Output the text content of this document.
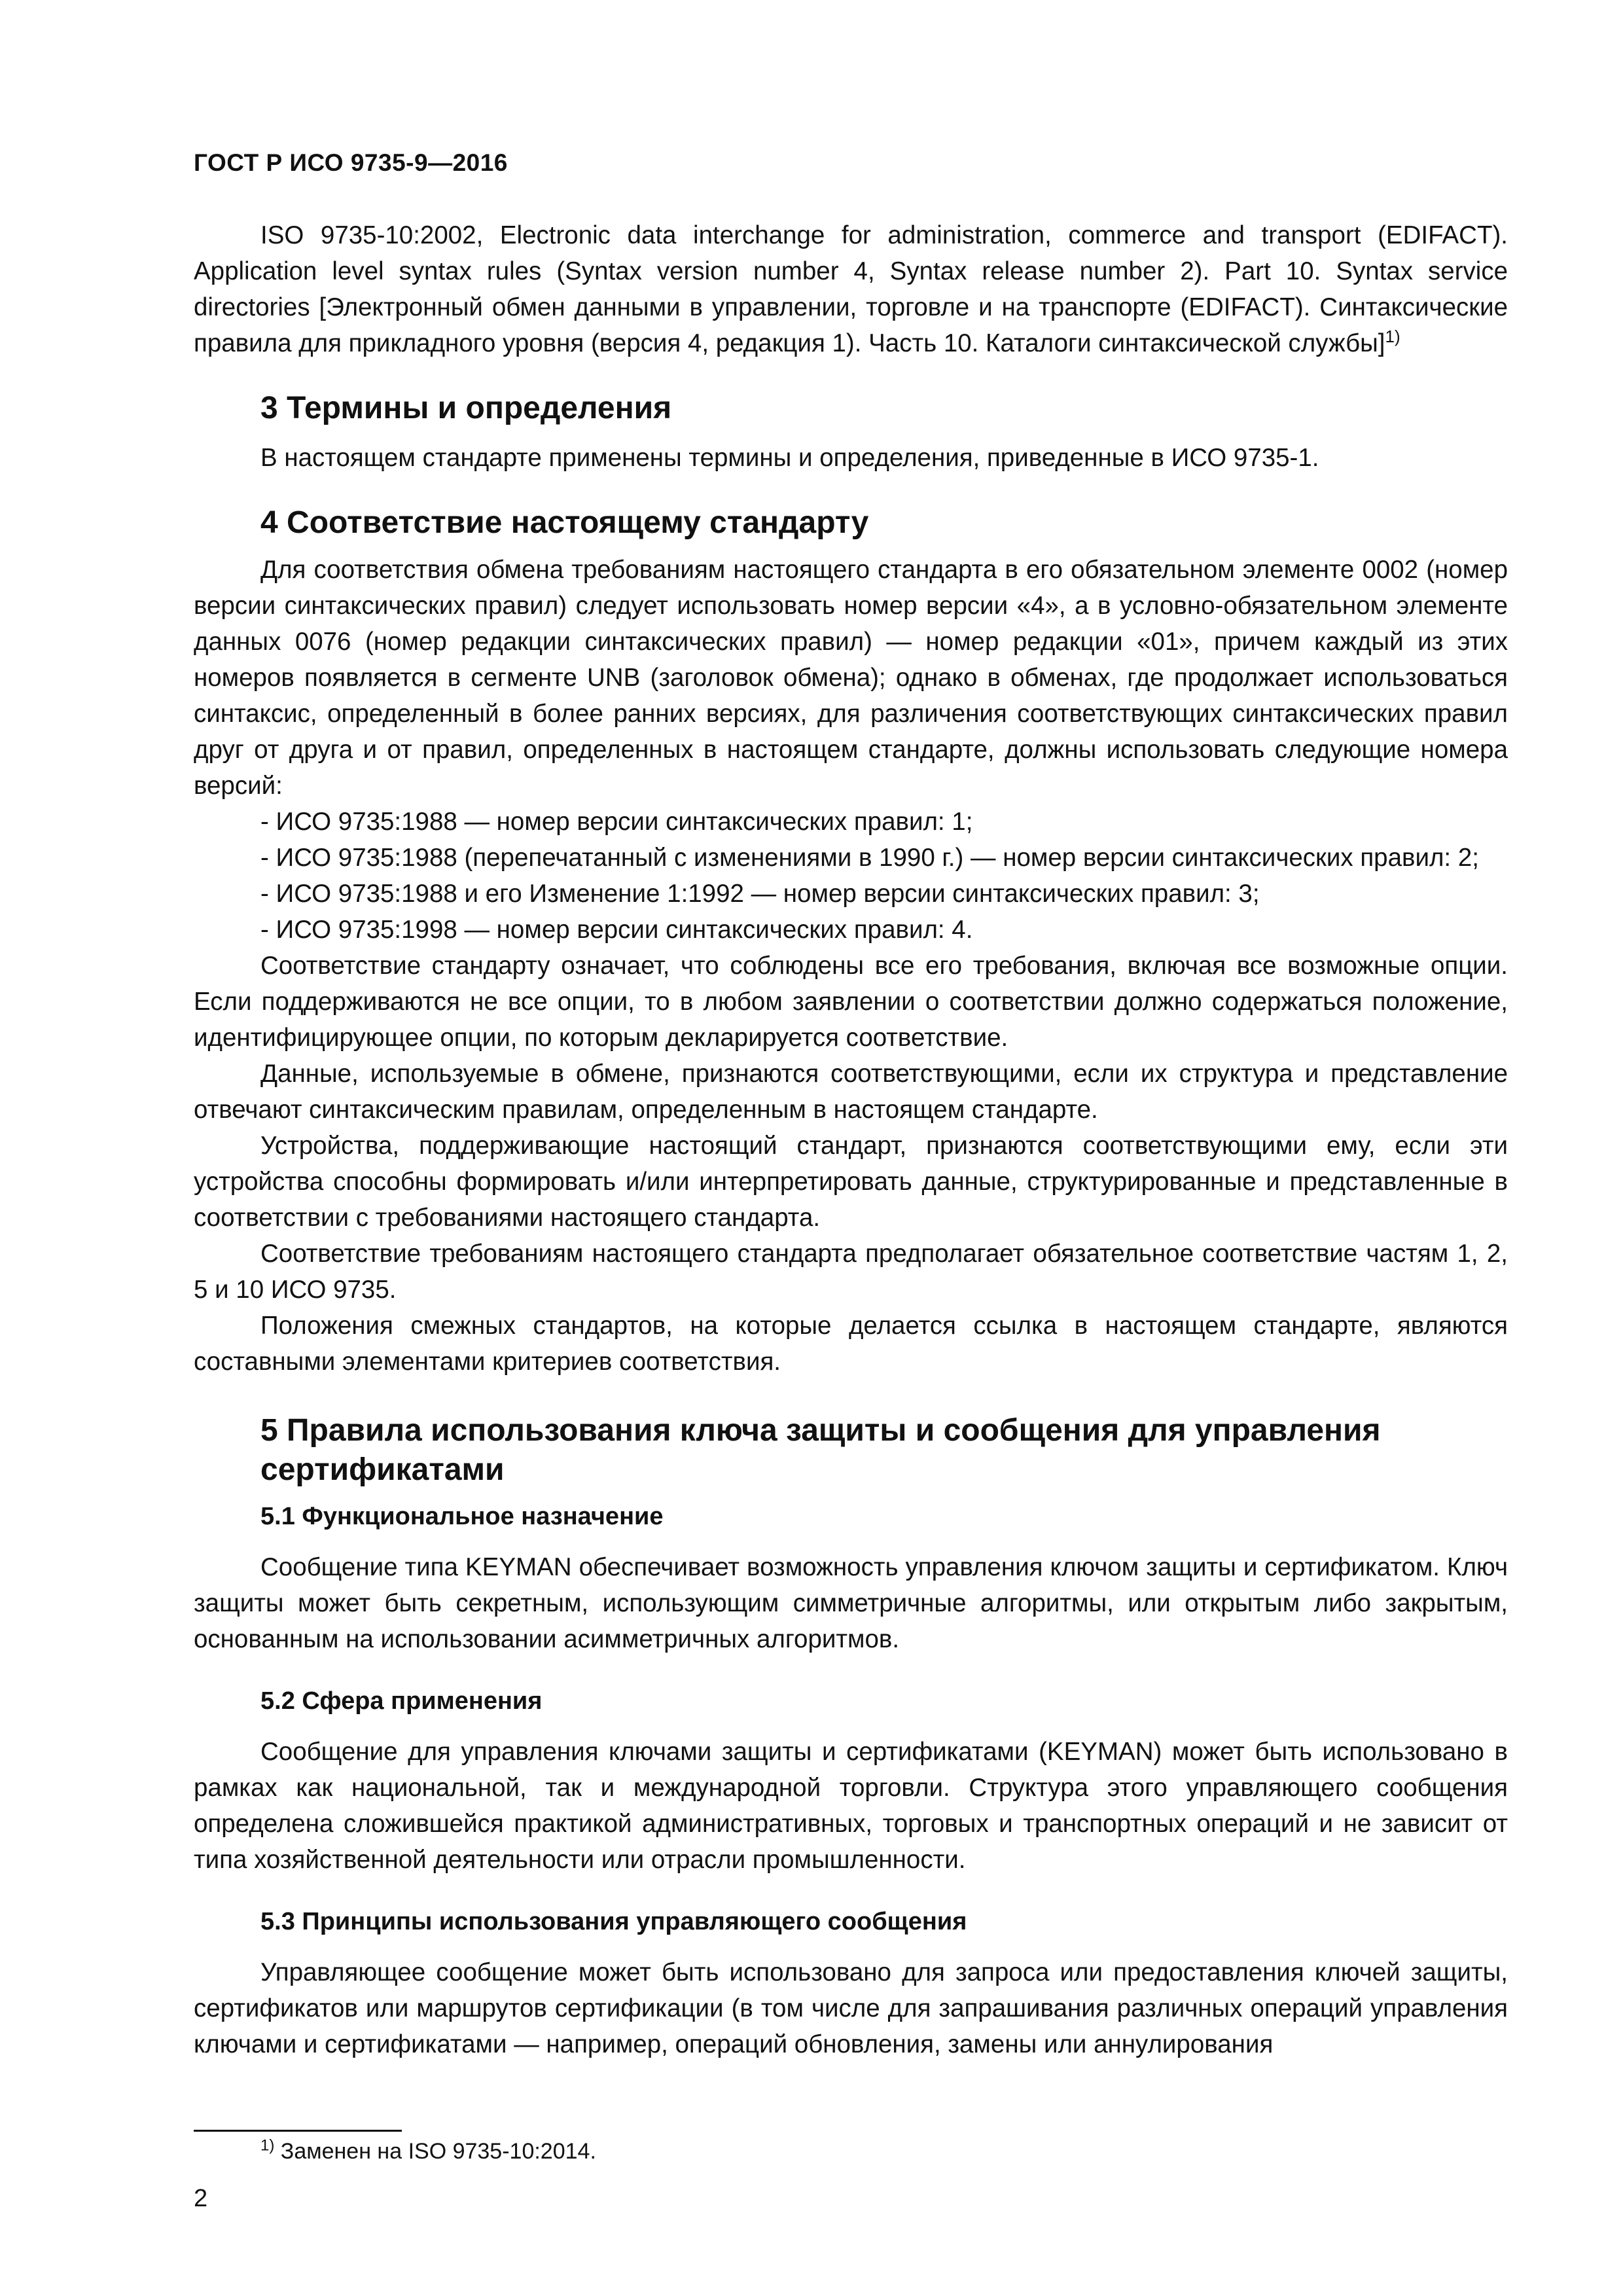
ГОСТ Р ИСО 9735-9—2016

ISO 9735-10:2002, Electronic data interchange for administration, commerce and transport (EDIFACT). Application level syntax rules (Syntax version number 4, Syntax release number 2). Part 10. Syntax service directories [Электронный обмен данными в управлении, торговле и на транспорте (EDIFACT). Синтаксические правила для прикладного уровня (версия 4, редакция 1). Часть 10. Каталоги синтаксической службы]$^{1)}$

3 Термины и определения

В настоящем стандарте применены термины и определения, приведенные в ИСО 9735-1.

4 Соответствие настоящему стандарту

Для соответствия обмена требованиям настоящего стандарта в его обязательном элементе 0002 (номер версии синтаксических правил) следует использовать номер версии «4», а в условно-обязательном элементе данных 0076 (номер редакции синтаксических правил) — номер редакции «01», причем каждый из этих номеров появляется в сегменте UNB (заголовок обмена); однако в обменах, где продолжает использоваться синтаксис, определенный в более ранних версиях, для различения соответствующих синтаксических правил друг от друга и от правил, определенных в настоящем стандарте, должны использовать следующие номера версий:

- ИСО 9735:1988 — номер версии синтаксических правил: 1;

- ИСО 9735:1988 (перепечатанный с изменениями в 1990 г.) — номер версии синтаксических правил: 2;

- ИСО 9735:1988 и его Изменение 1:1992 — номер версии синтаксических правил: 3;

- ИСО 9735:1998 — номер версии синтаксических правил: 4.

Соответствие стандарту означает, что соблюдены все его требования, включая все возможные опции. Если поддерживаются не все опции, то в любом заявлении о соответствии должно содержаться положение, идентифицирующее опции, по которым декларируется соответствие.

Данные, используемые в обмене, признаются соответствующими, если их структура и представление отвечают синтаксическим правилам, определенным в настоящем стандарте.

Устройства, поддерживающие настоящий стандарт, признаются соответствующими ему, если эти устройства способны формировать и/или интерпретировать данные, структурированные и представленные в соответствии с требованиями настоящего стандарта.

Соответствие требованиям настоящего стандарта предполагает обязательное соответствие частям 1, 2, 5 и 10 ИСО 9735.

Положения смежных стандартов, на которые делается ссылка в настоящем стандарте, являются составными элементами критериев соответствия.

5 Правила использования ключа защиты и сообщения для управления сертификатами
5.1 Функциональное назначение

Сообщение типа KEYMAN обеспечивает возможность управления ключом защиты и сертификатом. Ключ защиты может быть секретным, использующим симметричные алгоритмы, или открытым либо закрытым, основанным на использовании асимметричных алгоритмов.

5.2 Сфера применения

Сообщение для управления ключами защиты и сертификатами (KEYMAN) может быть использовано в рамках как национальной, так и международной торговли. Структура этого управляющего сообщения определена сложившейся практикой административных, торговых и транспортных операций и не зависит от типа хозяйственной деятельности или отрасли промышленности.

5.3 Принципы использования управляющего сообщения

Управляющее сообщение может быть использовано для запроса или предоставления ключей защиты, сертификатов или маршрутов сертификации (в том числе для запрашивания различных операций управления ключами и сертификатами — например, операций обновления, замены или аннулирования

$^{1)}$ Заменен на ISO 9735-10:2014.
2
